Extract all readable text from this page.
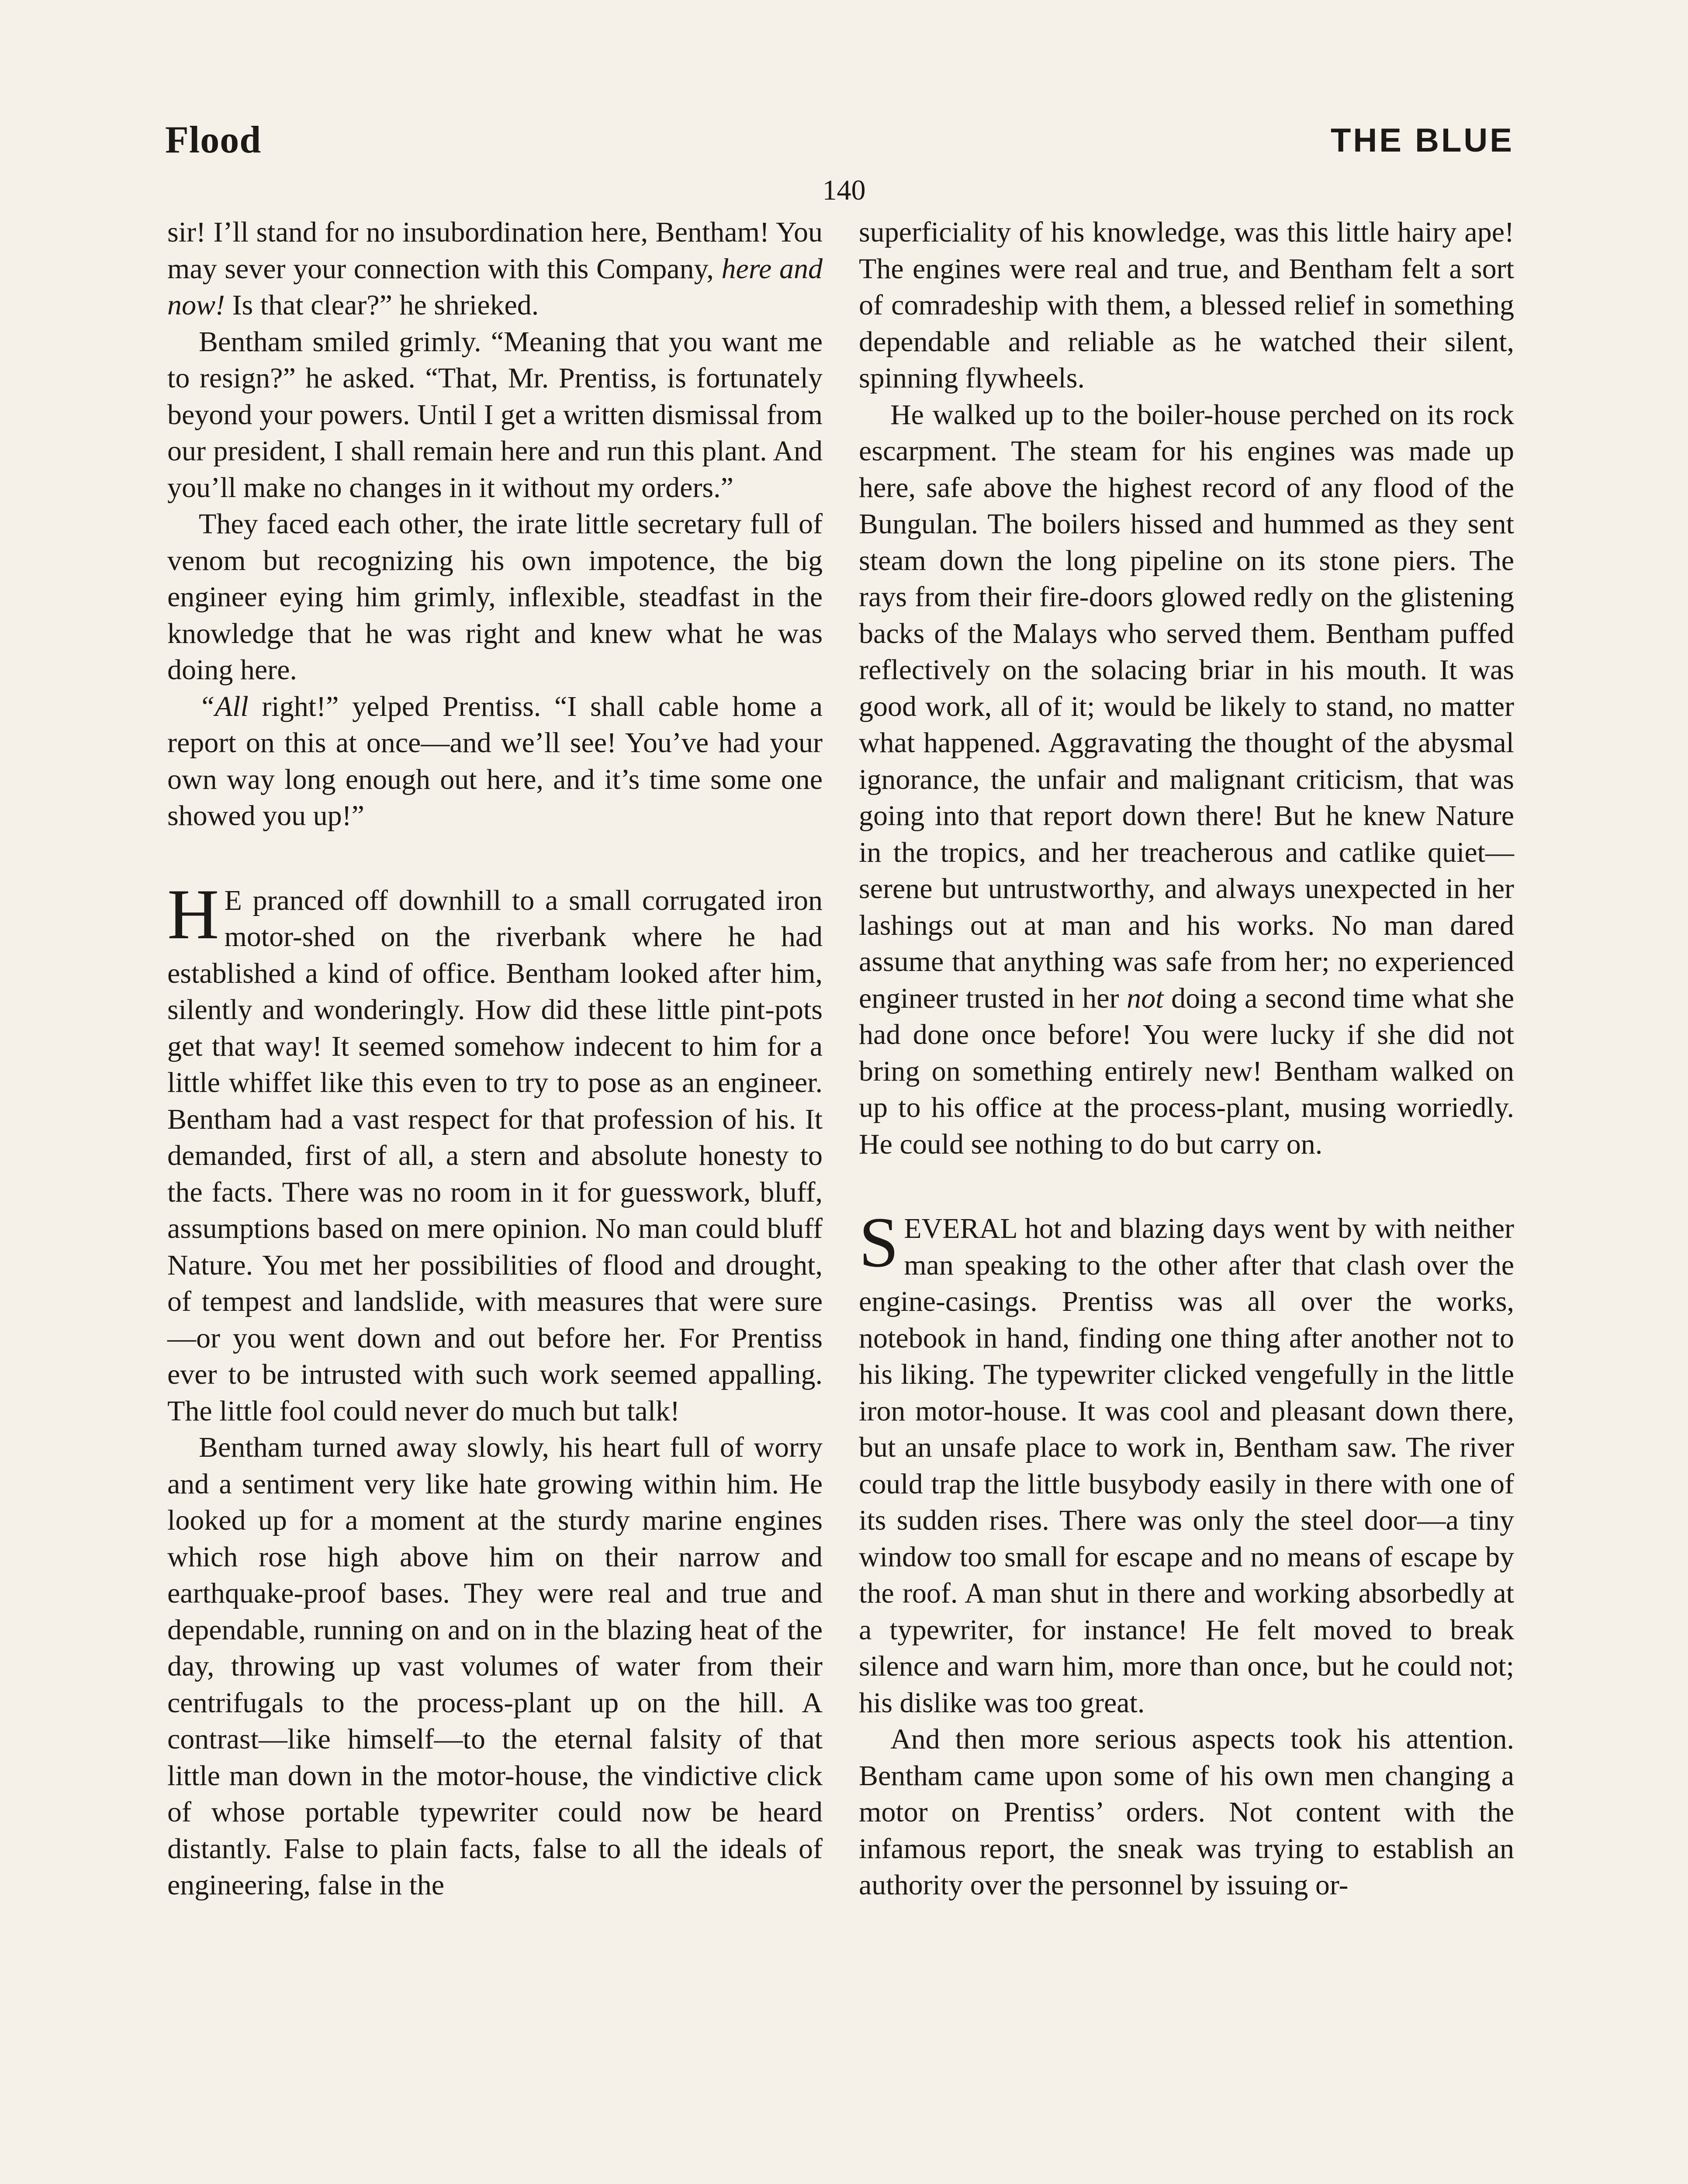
Flood	THE BLUE
140

sir! I’ll stand for no insubordination here, Bentham! You may sever your connection with this Company, here and now! Is that clear?” he shrieked.

Bentham smiled grimly. “Meaning that you want me to resign?” he asked. “That, Mr. Prentiss, is fortunately beyond your powers. Until I get a written dismissal from our president, I shall remain here and run this plant. And you’ll make no changes in it without my orders.”

They faced each other, the irate little secretary full of venom but recognizing his own impotence, the big engineer eying him grimly, inflexible, steadfast in the knowledge that he was right and knew what he was doing here.

“All right!” yelped Prentiss. “I shall cable home a report on this at once—and we’ll see! You’ve had your own way long enough out here, and it’s time some one showed you up!”

H E pranced off downhill to a small corrugated iron motor-shed on the riverbank where he had established a kind of office. Bentham looked after him, silently and wonderingly. How did these little pint-pots get that way! It seemed somehow indecent to him for a little whiffet like this even to try to pose as an engineer. Bentham had a vast respect for that profession of his. It demanded, first of all, a stern and absolute honesty to the facts. There was no room in it for guesswork, bluff, assumptions based on mere opinion. No man could bluff Nature. You met her possibilities of flood and drought, of tempest and landslide, with measures that were sure—or you went down and out before her. For Prentiss ever to be intrusted with such work seemed appalling. The little fool could never do much but talk!

Bentham turned away slowly, his heart full of worry and a sentiment very like hate growing within him. He looked up for a moment at the sturdy marine engines which rose high above him on their narrow and earthquake-proof bases. They were real and true and dependable, running on and on in the blazing heat of the day, throwing up vast volumes of water from their centrifugals to the process-plant up on the hill. A contrast—like himself—to the eternal falsity of that little man down in the motor-house, the vindictive click of whose portable typewriter could now be heard distantly. False to plain facts, false to all the ideals of engineering, false in the

superficiality of his knowledge, was this little hairy ape! The engines were real and true, and Bentham felt a sort of comradeship with them, a blessed relief in something dependable and reliable as he watched their silent, spinning flywheels.

He walked up to the boiler-house perched on its rock escarpment. The steam for his engines was made up here, safe above the highest record of any flood of the Bungulan. The boilers hissed and hummed as they sent steam down the long pipeline on its stone piers. The rays from their fire-doors glowed redly on the glistening backs of the Malays who served them. Bentham puffed reflectively on the solacing briar in his mouth. It was good work, all of it; would be likely to stand, no matter what happened. Aggravating the thought of the abysmal ignorance, the unfair and malignant criticism, that was going into that report down there! But he knew Nature in the tropics, and her treacherous and catlike quiet—serene but untrustworthy, and always unexpected in her lashings out at man and his works. No man dared assume that anything was safe from her; no experienced engineer trusted in her not doing a second time what she had done once before! You were lucky if she did not bring on something entirely new! Bentham walked on up to his office at the process-plant, musing worriedly. He could see nothing to do but carry on.

SEVERAL hot and blazing days went by with neither man speaking to the other after that clash over the engine-casings. Prentiss was all over the works, notebook in hand, finding one thing after another not to his liking. The typewriter clicked vengefully in the little iron motor-house. It was cool and pleasant down there, but an unsafe place to work in, Bentham saw. The river could trap the little busybody easily in there with one of its sudden rises. There was only the steel door—a tiny window too small for escape and no means of escape by the roof. A man shut in there and working absorbedly at a typewriter, for instance! He felt moved to break silence and warn him, more than once, but he could not; his dislike was too great.

And then more serious aspects took his attention. Bentham came upon some of his own men changing a motor on Prentiss’ orders. Not content with the infamous report, the sneak was trying to establish an authority over the personnel by issuing or-
